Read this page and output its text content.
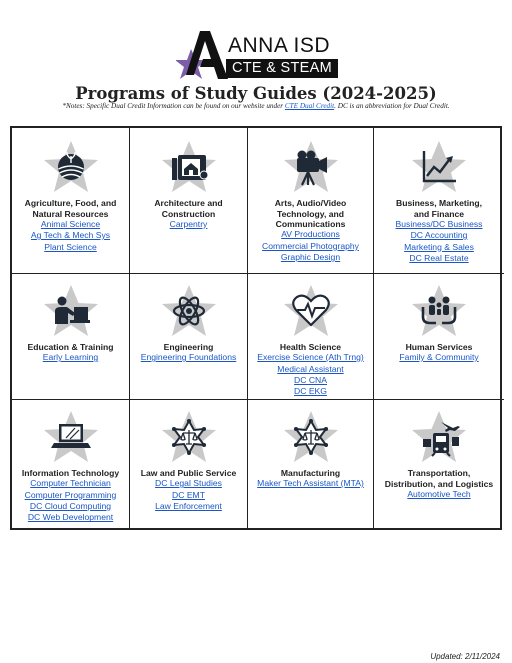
ANNA ISD
CTE & STEAM
Programs of Study Guides (2024-2025)
*Notes: Specific Dual Credit Information can be found on our website under CTE Dual Credit. DC is an abbreviation for Dual Credit.
Agriculture, Food, and
Natural Resources
Animal Science
Ag Tech & Mech Sys
Plant Science
Architecture and
Construction
Carpentry
Arts, Audio/Video
Technology, and
Communications
AV Productions
Commercial Photography
Graphic Design
Business, Marketing,
and Finance
Business/DC Business
DC Accounting
Marketing & Sales
DC Real Estate
Education & Training
Early Learning
Engineering
Engineering Foundations
Health Science
Exercise Science (Ath Trng)
Medical Assistant
DC CNA
DC EKG
Human Services
Family & Community
Information Technology
Computer Technician
Computer Programming
DC Cloud Computing
DC Web Development
Law and Public Service
DC Legal Studies
DC EMT
Law Enforcement
Manufacturing
Maker Tech Assistant (MTA)
Transportation,
Distribution, and Logistics
Automotive Tech
Updated: 2/11/2024
